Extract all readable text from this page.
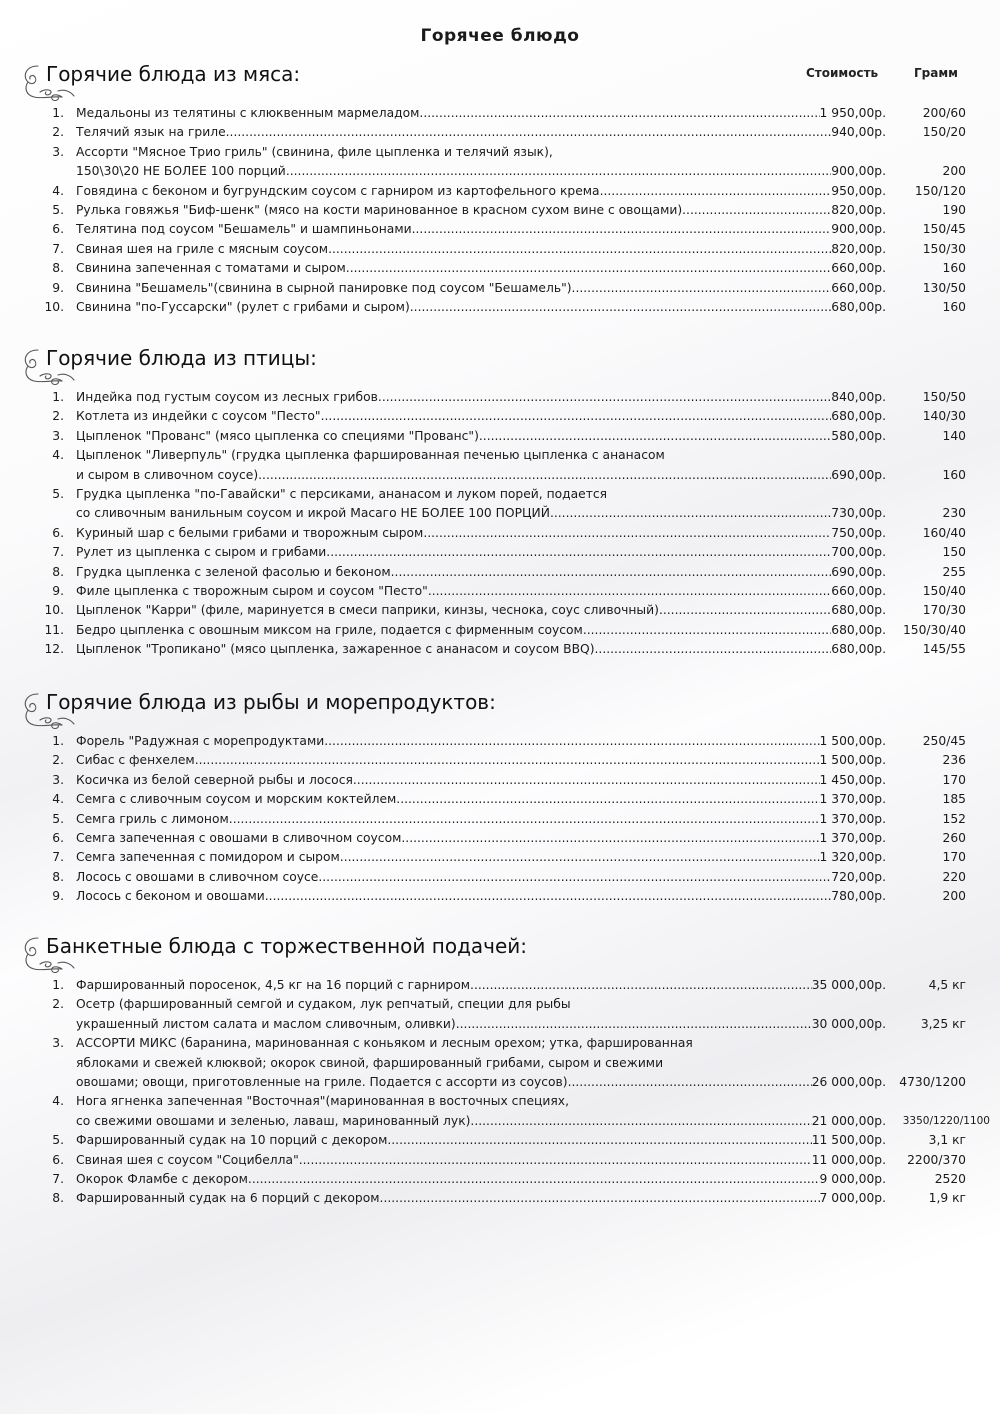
Горячее блюдо
Стоимость	Грамм
Горячие блюда из мяса:
1. Медальоны из телятины с клюквенным мармеладом .....	1 950,00р.	200/60
2. Телячий язык на гриле .....	940,00р.	150/20
3. Ассорти "Мясное Трио гриль" (свинина, филе цыпленка и телячий язык),
150\30\20 НЕ БОЛЕЕ 100 порций .....	900,00р.	200
4. Говядина с беконом и бугрундским соусом с гарниром из картофельного крема .....	950,00р.	150/120
5. Рулька говяжья "Биф-шенк" (мясо на кости маринованное в красном сухом вине с овощами) .....	820,00р.	190
6. Телятина под соусом "Бешамель" и шампиньонами .....	900,00р.	150/45
7. Свиная шея на гриле с мясным соусом .....	820,00р.	150/30
8. Свинина запеченная с томатами и сыром .....	660,00р.	160
9. Свинина "Бешамель"(свинина в сырной панировке под соусом "Бешамель") .....	660,00р.	130/50
10. Свинина "по-Гуссарски" (рулет с грибами и сыром) .....	680,00р.	160
Горячие блюда из птицы:
1. Индейка под густым соусом из лесных грибов .....	840,00р.	150/50
2. Котлета из индейки с соусом "Песто" .....	680,00р.	140/30
3. Цыпленок "Прованс" (мясо цыпленка со специями "Прованс") .....	580,00р.	140
4. Цыпленок "Ливерпуль" (грудка цыпленка фаршированная печенью цыпленка с ананасом
и сыром в сливочном соусе) .....	690,00р.	160
5. Грудка цыпленка "по-Гавайски" с персиками, ананасом и луком порей, подается
со сливочным ванильным соусом и икрой Масаго НЕ БОЛЕЕ 100 ПОРЦИЙ .....	730,00р.	230
6. Куриный шар с белыми грибами и творожным сыром .....	750,00р.	160/40
7. Рулет из цыпленка с сыром и грибами .....	700,00р.	150
8. Грудка цыпленка с зеленой фасолью и беконом .....	690,00р.	255
9. Филе цыпленка с творожным сыром и соусом "Песто" .....	660,00р.	150/40
10. Цыпленок "Карри" (филе, маринуется в смеси паприки, кинзы, чеснока, соус сливочный) .....	680,00р.	170/30
11. Бедро цыпленка с овошным миксом на гриле, подается с фирменным соусом .....	680,00р.	150/30/40
12. Цыпленок "Тропикано" (мясо цыпленка, зажаренное с ананасом и соусом BBQ) .....	680,00р.	145/55
Горячие блюда из рыбы и морепродуктов:
1. Форель "Радужная с морепродуктами .....	1 500,00р.	250/45
2. Сибас с фенхелем .....	1 500,00р.	236
3. Косичка из белой северной рыбы и лосося .....	1 450,00р.	170
4. Семга с сливочным соусом и морским коктейлем .....	1 370,00р.	185
5. Семга гриль с лимоном .....	1 370,00р.	152
6. Семга запеченная с овошами в сливочном соусом .....	1 370,00р.	260
7. Семга запеченная с помидором и сыром .....	1 320,00р.	170
8. Лосось с овошами в сливочном соусе .....	720,00р.	220
9. Лосось с беконом и овошами .....	780,00р.	200
Банкетные блюда с торжественной подачей:
1. Фаршированный поросенок, 4,5 кг на 16 порций с гарниром .....	35 000,00р.	4,5 кг
2. Осетр (фаршированный семгой и судаком, лук репчатый, специи для рыбы
украшенный листом салата и маслом сливочным, оливки) .....	30 000,00р.	3,25 кг
3. АССОРТИ МИКС (баранина, маринованная с коньяком и лесным орехом; утка, фаршированная
яблоками и свежей клюквой; окорок свиной, фаршированный грибами, сыром и свежими
овошами; овощи, приготовленные на гриле. Подается с ассорти из соусов) .....	26 000,00р.	4730/1200
4. Нога ягненка запеченная "Восточная"(маринованная в восточных специях,
со свежими овошами и зеленью, лаваш, маринованный лук) .....	21 000,00р.	3350/1220/1100
5. Фаршированный судак на 10 порций с декором .....	11 500,00р.	3,1 кг
6. Свиная шея с соусом "Социбелла" .....	11 000,00р.	2200/370
7. Окорок Фламбе с декором .....	9 000,00р.	2520
8. Фаршированный судак на 6 порций с декором .....	7 000,00р.	1,9 кг
